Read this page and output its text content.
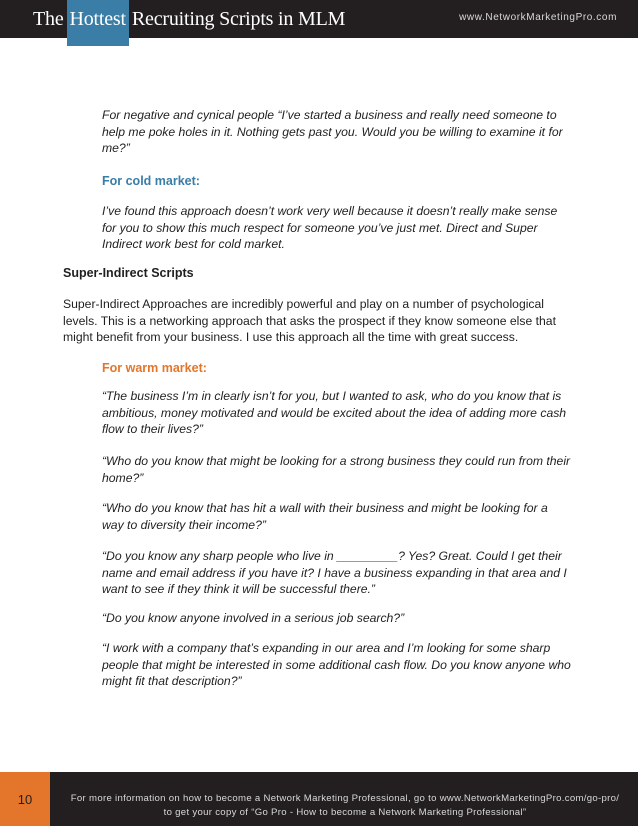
The Hottest Recruiting Scripts in MLM	www.NetworkMarketingPro.com

For negative and cynical people “I’ve started a business and really need someone to help me poke holes in it. Nothing gets past you. Would you be willing to examine it for me?”

For cold market:

I’ve found this approach doesn’t work very well because it doesn’t really make sense for you to show this much respect for someone you’ve just met. Direct and Super Indirect work best for cold market.

Super-Indirect Scripts

Super-Indirect Approaches are incredibly powerful and play on a number of psychological levels. This is a networking approach that asks the prospect if they know someone else that might benefit from your business. I use this approach all the time with great success.

For warm market:

“The business I’m in clearly isn’t for you, but I wanted to ask, who do you know that is ambitious, money motivated and would be excited about the idea of adding more cash flow to their lives?”

“Who do you know that might be looking for a strong business they could run from their home?”

“Who do you know that has hit a wall with their business and might be looking for a way to diversity their income?”

“Do you know any sharp people who live in _________? Yes? Great. Could I get their name and email address if you have it? I have a business expanding in that area and I want to see if they think it will be successful there.”

“Do you know anyone involved in a serious job search?”

“I work with a company that’s expanding in our area and I’m looking for some sharp people that might be interested in some additional cash flow. Do you know anyone who might fit that description?”

10	For more information on how to become a Network Marketing Professional, go to www.NetworkMarketingPro.com/go-pro/
to get your copy of “Go Pro - How to become a Network Marketing Professional”
